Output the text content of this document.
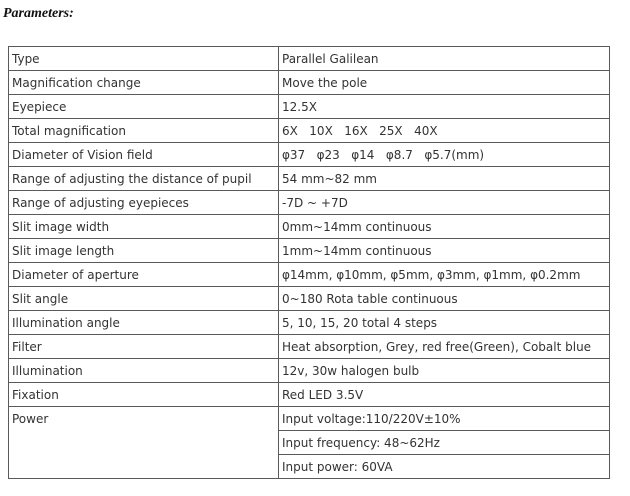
Parameters:
Type	Parallel Galilean
Magnification change	Move the pole
Eyepiece	12.5X
Total magnification	6X   10X   16X   25X   40X
Diameter of Vision field	φ37   φ23   φ14   φ8.7   φ5.7(mm)
Range of adjusting the distance of pupil	54 mm~82 mm
Range of adjusting eyepieces	-7D ~ +7D
Slit image width	0mm~14mm continuous
Slit image length	1mm~14mm continuous
Diameter of aperture	φ14mm, φ10mm, φ5mm, φ3mm, φ1mm, φ0.2mm
Slit angle	0~180 Rota table continuous
Illumination angle	5, 10, 15, 20 total 4 steps
Filter	Heat absorption, Grey, red free(Green), Cobalt blue
Illumination	12v, 30w halogen bulb
Fixation	Red LED 3.5V
Power	Input voltage:110/220V±10%
	Input frequency: 48~62Hz
	Input power: 60VA
